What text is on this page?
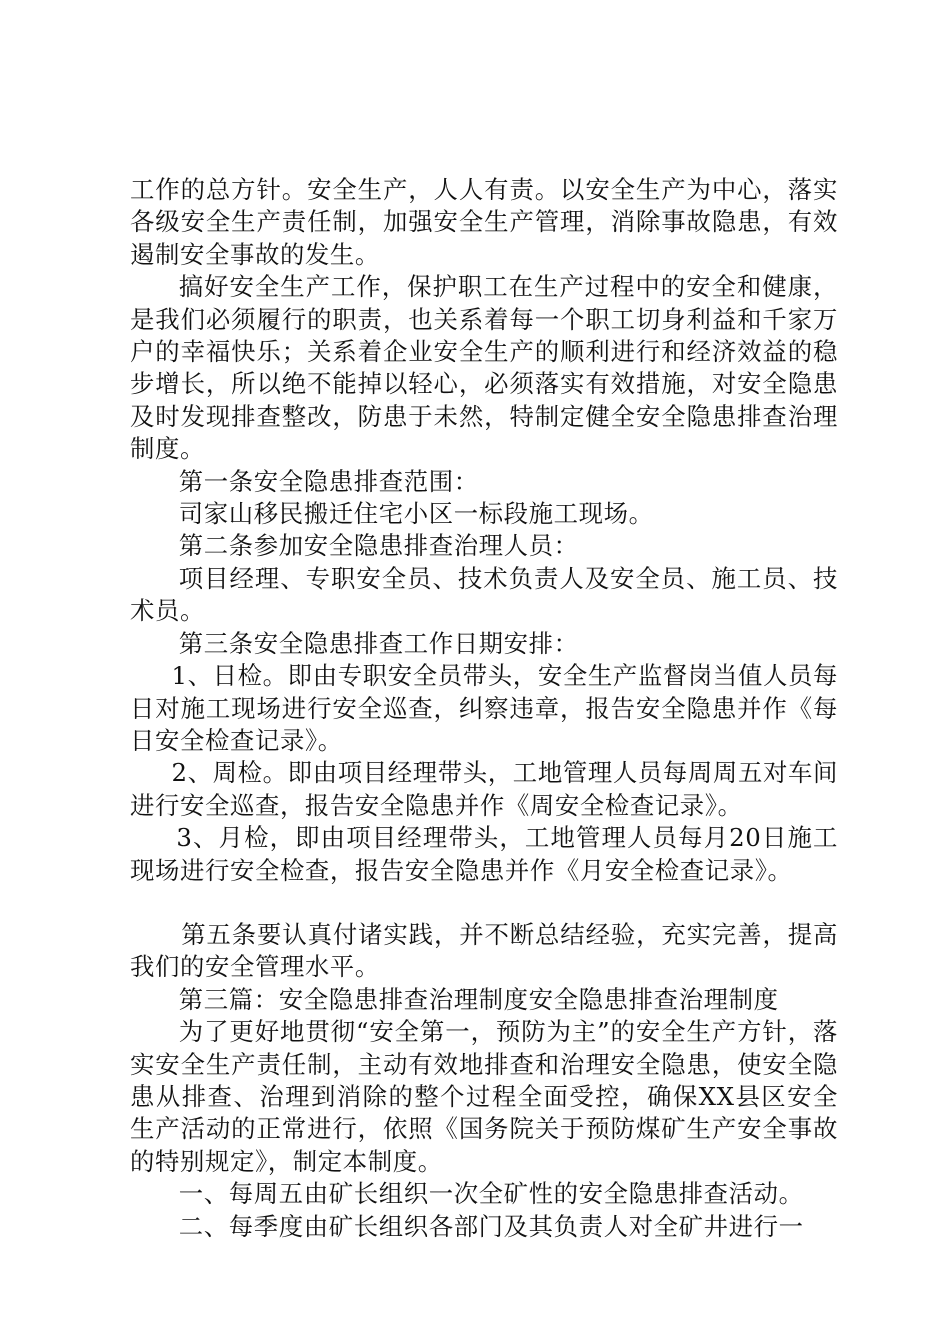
工作的总方针。安全生产，人人有责。以安全生产为中心，落实各级安全生产责任制，加强安全生产管理，消除事故隐患，有效遏制安全事故的发生。

搞好安全生产工作，保护职工在生产过程中的安全和健康，是我们必须履行的职责，也关系着每一个职工切身利益和千家万户的幸福快乐；关系着企业安全生产的顺利进行和经济效益的稳步增长，所以绝不能掉以轻心，必须落实有效措施，对安全隐患及时发现排查整改，防患于未然，特制定健全安全隐患排查治理制度。

第一条安全隐患排查范围：

司家山移民搬迁住宅小区一标段施工现场。

第二条参加安全隐患排查治理人员：

项目经理、专职安全员、技术负责人及安全员、施工员、技术员。

第三条安全隐患排查工作日期安排：

1、日检。即由专职安全员带头，安全生产监督岗当值人员每日对施工现场进行安全巡查，纠察违章，报告安全隐患并作《每日安全检查记录》。

2、周检。即由项目经理带头，工地管理人员每周周五对车间进行安全巡查，报告安全隐患并作《周安全检查记录》。

3、月检，即由项目经理带头，工地管理人员每月20日施工现场进行安全检查，报告安全隐患并作《月安全检查记录》。

第五条要认真付诸实践，并不断总结经验，充实完善，提高我们的安全管理水平。

第三篇：安全隐患排查治理制度安全隐患排查治理制度

为了更好地贯彻“安全第一，预防为主”的安全生产方针，落实安全生产责任制，主动有效地排查和治理安全隐患，使安全隐患从排查、治理到消除的整个过程全面受控，确保XX县区安全生产活动的正常进行，依照《国务院关于预防煤矿生产安全事故的特别规定》，制定本制度。

一、每周五由矿长组织一次全矿性的安全隐患排查活动。

二、每季度由矿长组织各部门及其负责人对全矿井进行一
